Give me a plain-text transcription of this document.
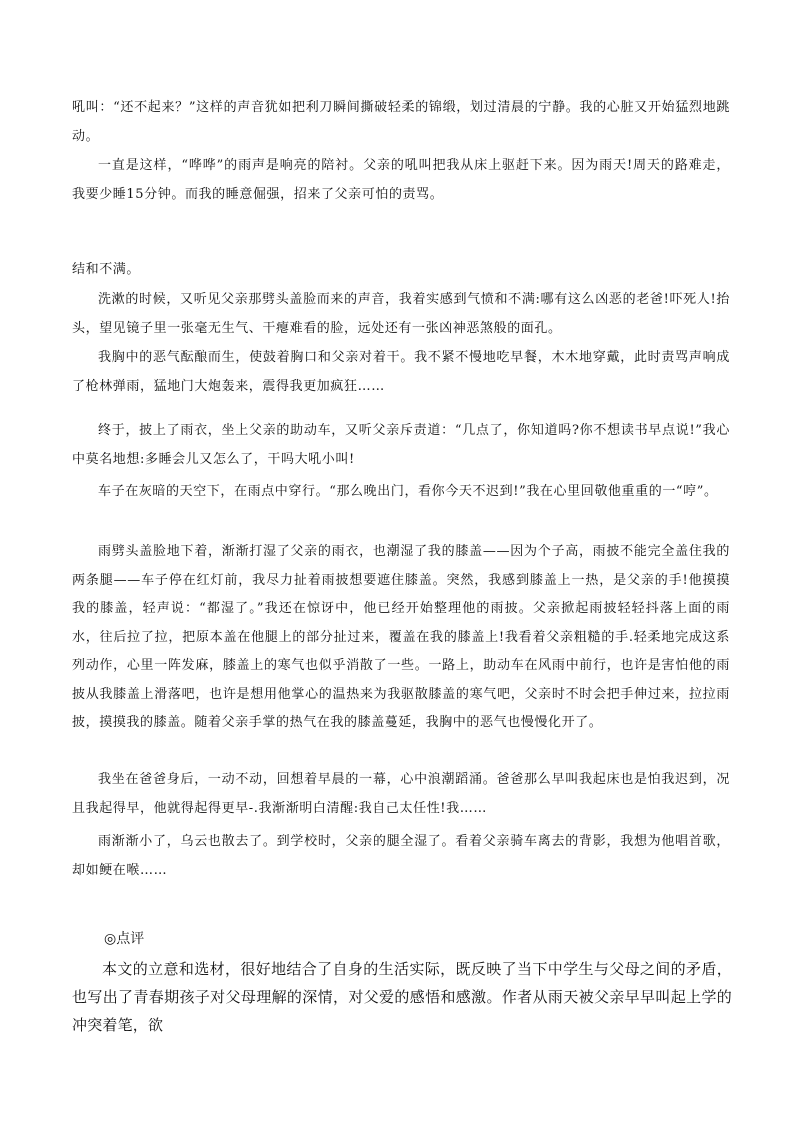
吼叫：“还不起来？”这样的声音犹如把利刀瞬间撕破轻柔的锦缎，划过清晨的宁静。我的心脏又开始猛烈地跳动。

一直是这样，“哗哗”的雨声是响亮的陪衬。父亲的吼叫把我从床上驱赶下来。因为雨天!周天的路难走，我要少睡15分钟。而我的睡意倔强，招来了父亲可怕的责骂。

结和不满。

洗漱的时候，又听见父亲那劈头盖脸而来的声音，我着实感到气愤和不满:哪有这么凶恶的老爸!吓死人!抬头，望见镜子里一张毫无生气、干瘪难看的脸，远处还有一张凶神恶煞般的面孔。

我胸中的恶气酝酿而生，使鼓着胸口和父亲对着干。我不紧不慢地吃早餐，木木地穿戴，此时责骂声响成了枪林弹雨，猛地门大炮轰来，震得我更加疯狂……

终于，披上了雨衣，坐上父亲的助动车，又听父亲斥责道：“几点了，你知道吗?你不想读书早点说!”我心中莫名地想:多睡会儿又怎么了，干吗大吼小叫!

车子在灰暗的天空下，在雨点中穿行。“那么晚出门，看你今天不迟到!”我在心里回敬他重重的一“哼”。

雨劈头盖脸地下着，渐渐打湿了父亲的雨衣，也潮湿了我的膝盖——因为个子高，雨披不能完全盖住我的两条腿——车子停在红灯前，我尽力扯着雨披想要遮住膝盖。突然，我感到膝盖上一热，是父亲的手!他摸摸我的膝盖，轻声说：“都湿了。”我还在惊讶中，他已经开始整理他的雨披。父亲掀起雨披轻轻抖落上面的雨水，往后拉了拉，把原本盖在他腿上的部分扯过来，覆盖在我的膝盖上!我看着父亲粗糙的手.轻柔地完成这系列动作，心里一阵发麻，膝盖上的寒气也似乎消散了一些。一路上，助动车在风雨中前行，也许是害怕他的雨披从我膝盖上滑落吧，也许是想用他掌心的温热来为我驱散膝盖的寒气吧，父亲时不时会把手伸过来，拉拉雨披，摸摸我的膝盖。随着父亲手掌的热气在我的膝盖蔓延，我胸中的恶气也慢慢化开了。

我坐在爸爸身后，一动不动，回想着早晨的一幕，心中浪潮蹈涌。爸爸那么早叫我起床也是怕我迟到，况且我起得早，他就得起得更早-.我渐渐明白清醒:我自己太任性!我……

雨渐渐小了，乌云也散去了。到学校时，父亲的腿全湿了。看着父亲骑车离去的背影，我想为他唱首歌，却如鲠在喉……

◎点评

本文的立意和选材，很好地结合了自身的生活实际，既反映了当下中学生与父母之间的矛盾，也写出了青春期孩子对父母理解的深情，对父爱的感悟和感激。作者从雨天被父亲早早叫起上学的冲突着笔，欲
